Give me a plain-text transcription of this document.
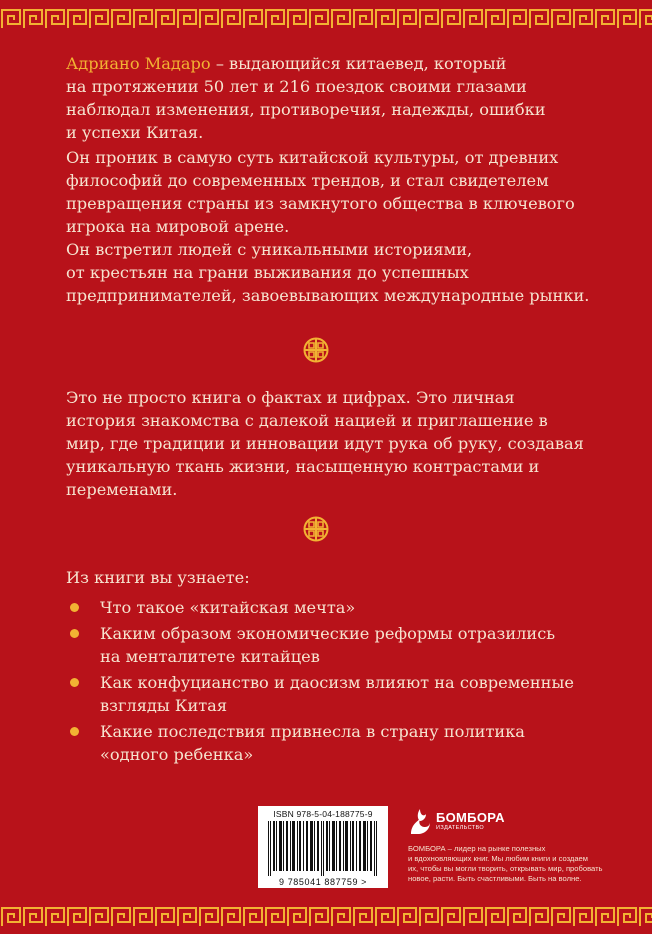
Адриано Мадаро – выдающийся китаевед, который

на протяжении 50 лет и 216 поездок своими глазами

наблюдал изменения, противоречия, надежды, ошибки

и успехи Китая.

Он проник в самую суть китайской культуры, от древних

философий до современных трендов, и стал свидетелем

превращения страны из замкнутого общества в ключевого

игрока на мировой арене.

Он встретил людей с уникальными историями,

от крестьян на грани выживания до успешных

предпринимателей, завоевывающих международные рынки.

Это не просто книга о фактах и цифрах. Это личная

история знакомства с далекой нацией и приглашение в

мир, где традиции и инновации идут рука об руку, создавая

уникальную ткань жизни, насыщенную контрастами и

переменами.

Из книги вы узнаете:
Что такое «китайская мечта»
Каким образом экономические реформы отразились
на менталитете китайцев
Как конфуцианство и даосизм влияют на современные
взгляды Китая
Какие последствия привнесла в страну политика
«одного ребенка»
ISBN 978-5-04-188775-9
9 785041 887759 >
БОМБОРА
ИЗДАТЕЛЬСТВО
БОМБОРА – лидер на рынке полезных
и вдохновляющих книг. Мы любим книги и создаем
их, чтобы вы могли творить, открывать мир, пробовать
новое, расти. Быть счастливыми. Быть на волне.
